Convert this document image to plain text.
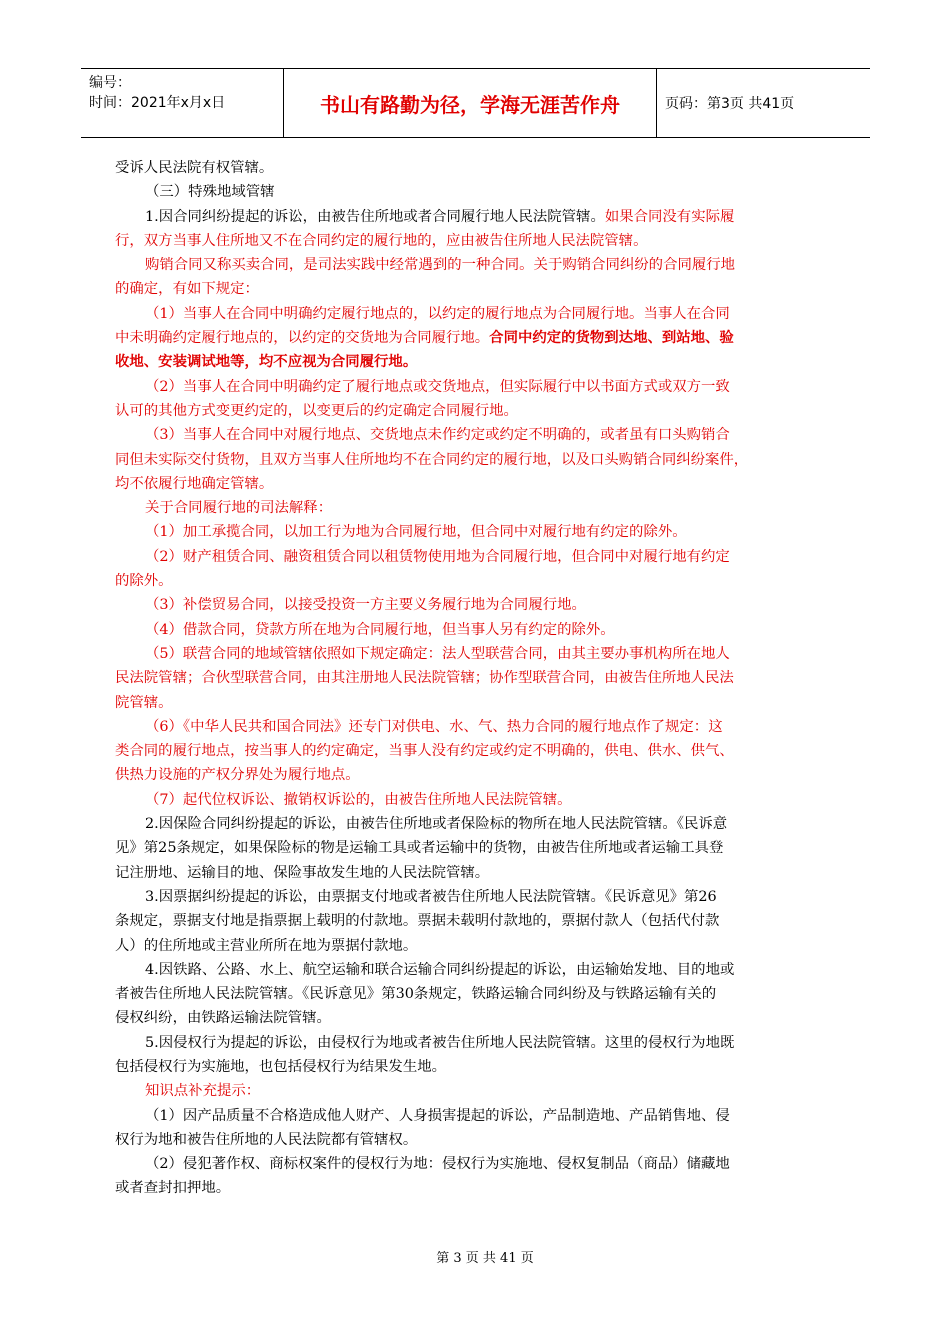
编号：
时间：2021年x月x日	书山有路勤为径，学海无涯苦作舟	页码：第3页 共41页
受诉人民法院有权管辖。
（三）特殊地域管辖
1.因合同纠纷提起的诉讼，由被告住所地或者合同履行地人民法院管辖。如果合同没有实际履
行，双方当事人住所地又不在合同约定的履行地的，应由被告住所地人民法院管辖。
购销合同又称买卖合同，是司法实践中经常遇到的一种合同。关于购销合同纠纷的合同履行地
的确定，有如下规定：
（1）当事人在合同中明确约定履行地点的，以约定的履行地点为合同履行地。当事人在合同
中未明确约定履行地点的，以约定的交货地为合同履行地。合同中约定的货物到达地、到站地、验
收地、安装调试地等，均不应视为合同履行地。
（2）当事人在合同中明确约定了履行地点或交货地点，但实际履行中以书面方式或双方一致
认可的其他方式变更约定的，以变更后的约定确定合同履行地。
（3）当事人在合同中对履行地点、交货地点未作约定或约定不明确的，或者虽有口头购销合
同但未实际交付货物，且双方当事人住所地均不在合同约定的履行地，以及口头购销合同纠纷案件，
均不依履行地确定管辖。
关于合同履行地的司法解释：
（1）加工承揽合同，以加工行为地为合同履行地，但合同中对履行地有约定的除外。
（2）财产租赁合同、融资租赁合同以租赁物使用地为合同履行地，但合同中对履行地有约定
的除外。
（3）补偿贸易合同，以接受投资一方主要义务履行地为合同履行地。
（4）借款合同，贷款方所在地为合同履行地，但当事人另有约定的除外。
（5）联营合同的地域管辖依照如下规定确定：法人型联营合同，由其主要办事机构所在地人
民法院管辖；合伙型联营合同，由其注册地人民法院管辖；协作型联营合同，由被告住所地人民法
院管辖。
（6）《中华人民共和国合同法》还专门对供电、水、气、热力合同的履行地点作了规定：这
类合同的履行地点，按当事人的约定确定，当事人没有约定或约定不明确的，供电、供水、供气、
供热力设施的产权分界处为履行地点。
（7）起代位权诉讼、撤销权诉讼的，由被告住所地人民法院管辖。
2.因保险合同纠纷提起的诉讼，由被告住所地或者保险标的物所在地人民法院管辖。《民诉意
见》第25条规定，如果保险标的物是运输工具或者运输中的货物，由被告住所地或者运输工具登
记注册地、运输目的地、保险事故发生地的人民法院管辖。
3.因票据纠纷提起的诉讼，由票据支付地或者被告住所地人民法院管辖。《民诉意见》第26
条规定，票据支付地是指票据上载明的付款地。票据未载明付款地的，票据付款人（包括代付款
人）的住所地或主营业所所在地为票据付款地。
4.因铁路、公路、水上、航空运输和联合运输合同纠纷提起的诉讼，由运输始发地、目的地或
者被告住所地人民法院管辖。《民诉意见》第30条规定，铁路运输合同纠纷及与铁路运输有关的
侵权纠纷，由铁路运输法院管辖。
5.因侵权行为提起的诉讼，由侵权行为地或者被告住所地人民法院管辖。这里的侵权行为地既
包括侵权行为实施地，也包括侵权行为结果发生地。
知识点补充提示：
（1）因产品质量不合格造成他人财产、人身损害提起的诉讼，产品制造地、产品销售地、侵
权行为地和被告住所地的人民法院都有管辖权。
（2）侵犯著作权、商标权案件的侵权行为地：侵权行为实施地、侵权复制品（商品）储藏地
或者查封扣押地。
第 3 页 共 41 页
